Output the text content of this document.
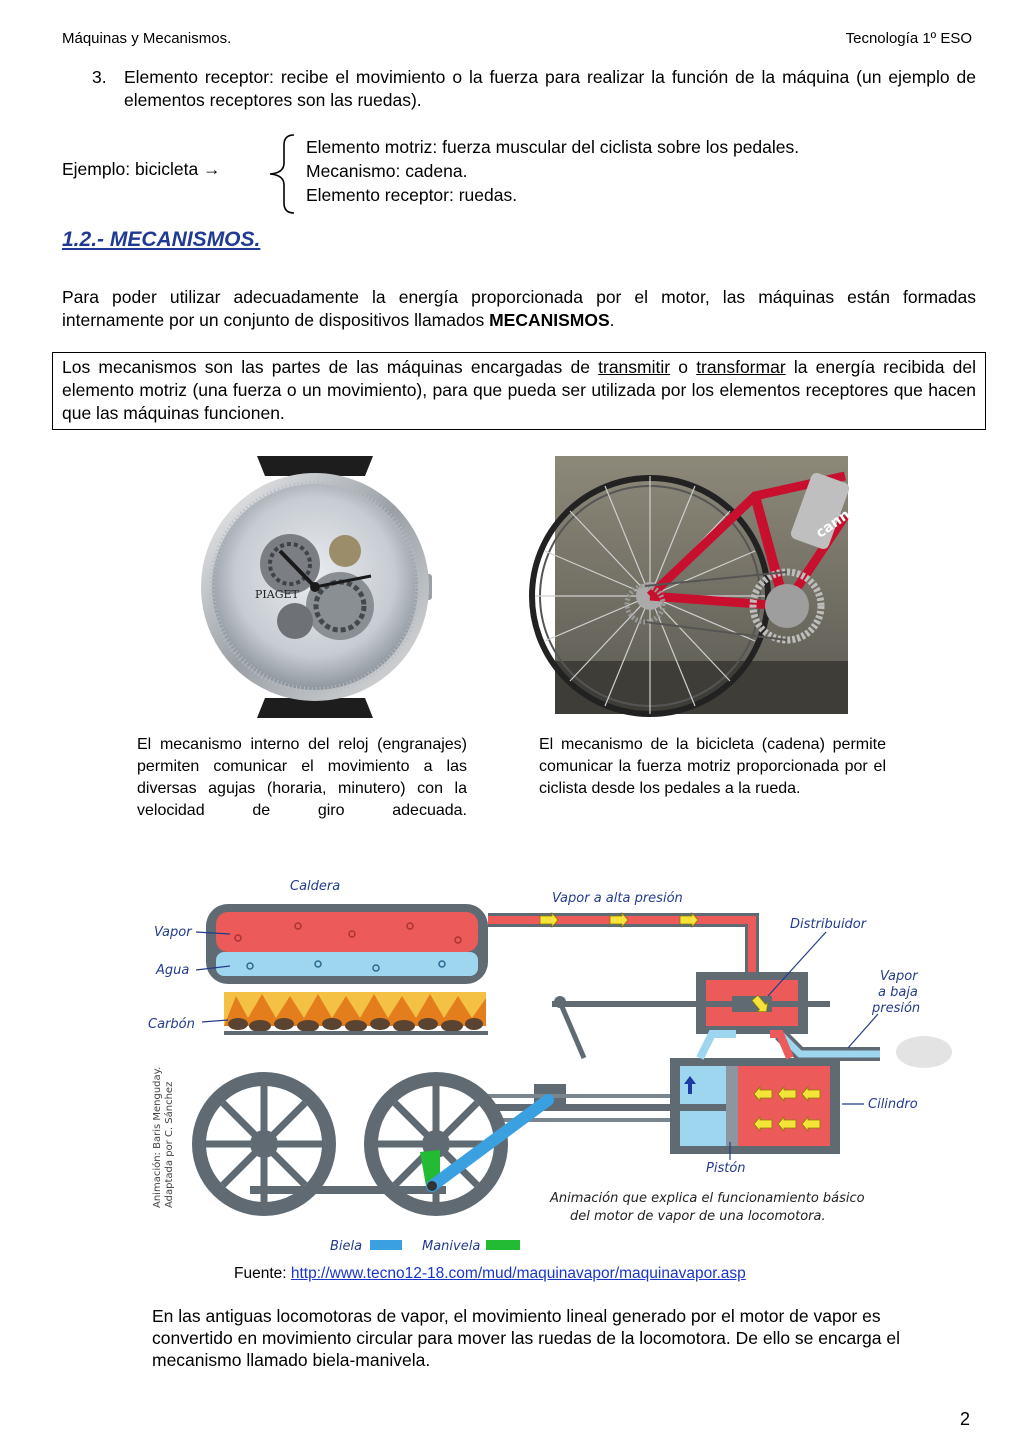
Máquinas y Mecanismos.	Tecnología 1º ESO
3. Elemento receptor: recibe el movimiento o la fuerza para realizar la función de la máquina (un ejemplo de elementos receptores son las ruedas).
Ejemplo: bicicleta →
Elemento motriz: fuerza muscular del ciclista sobre los pedales.
Mecanismo: cadena.
Elemento receptor: ruedas.
1.2.- MECANISMOS.
Para poder utilizar adecuadamente la energía proporcionada por el motor, las máquinas están formadas internamente por un conjunto de dispositivos llamados MECANISMOS.
Los mecanismos son las partes de las máquinas encargadas de transmitir o transformar la energía recibida del elemento motriz (una fuerza o un movimiento), para que pueda ser utilizada por los elementos receptores que hacen que las máquinas funcionen.
PIAGET
cann
El mecanismo interno del reloj (engranajes) permiten comunicar el movimiento a las diversas agujas (horaria, minutero) con la velocidad de giro adecuada.
El mecanismo de la bicicleta (cadena) permite comunicar la fuerza motriz proporcionada por el ciclista desde los pedales a la rueda.
Caldera
Vapor a alta presión
Distribuidor
Vapor
Agua
Carbón
Vapor
a baja
presión
Cilindro
Pistón
Animación: Baris Menguday. Adaptada por C. Sánchez	Animación que explica el funcionamiento básico
del motor de vapor de una locomotora.
Biela	Manivela
Fuente: http://www.tecno12-18.com/mud/maquinavapor/maquinavapor.asp
En las antiguas locomotoras de vapor, el movimiento lineal generado por el motor de vapor es convertido en movimiento circular para mover las ruedas de la locomotora. De ello se encarga el mecanismo llamado biela-manivela.
2
